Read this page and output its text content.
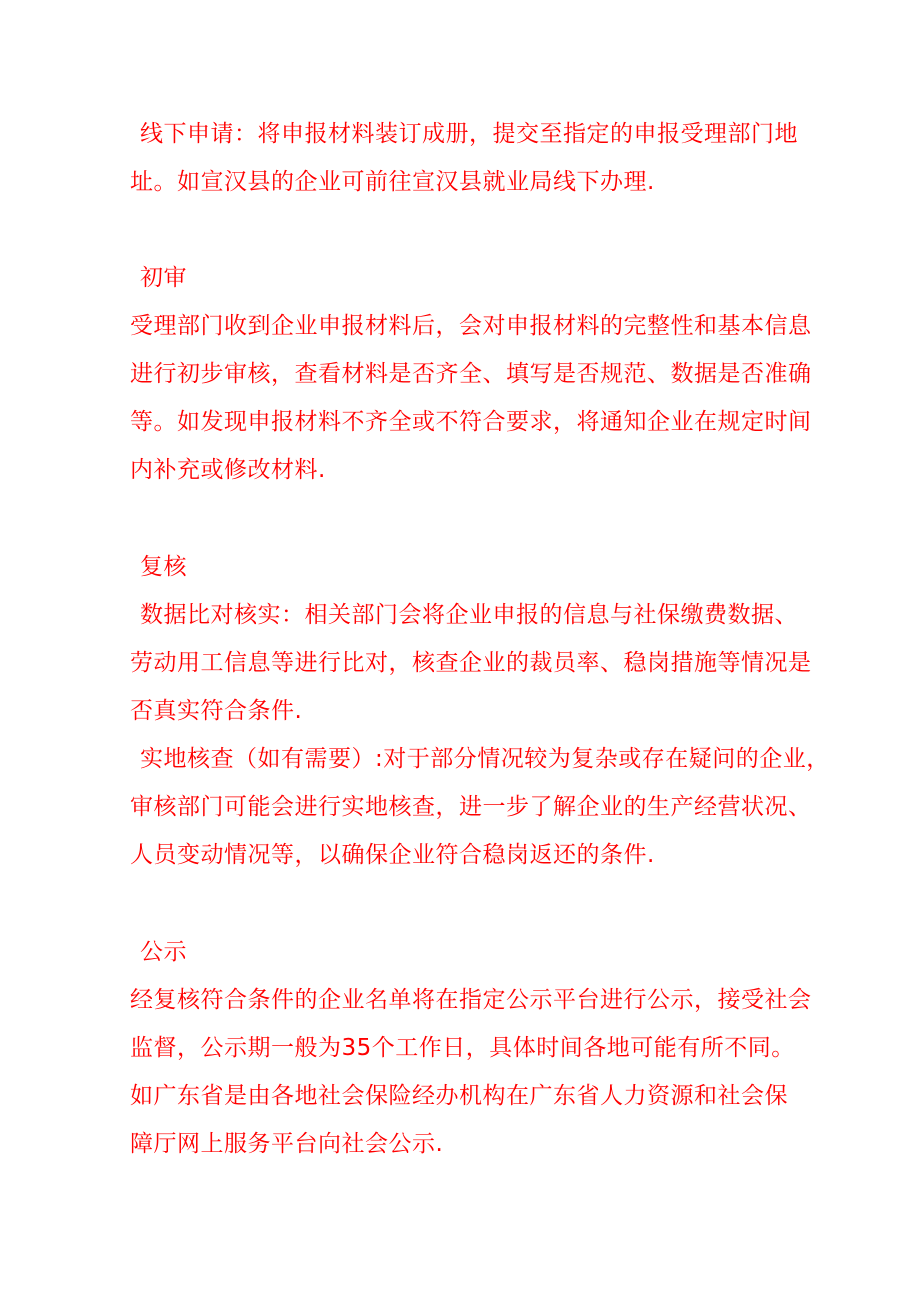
线下申请：将申报材料装订成册，提交至指定的申报受理部门地
址。如宣汉县的企业可前往宣汉县就业局线下办理.
初审
受理部门收到企业申报材料后，会对申报材料的完整性和基本信息
进行初步审核，查看材料是否齐全、填写是否规范、数据是否准确
等。如发现申报材料不齐全或不符合要求，将通知企业在规定时间
内补充或修改材料.
复核
数据比对核实：相关部门会将企业申报的信息与社保缴费数据、
劳动用工信息等进行比对，核查企业的裁员率、稳岗措施等情况是
否真实符合条件.
实地核查（如有需要）:对于部分情况较为复杂或存在疑问的企业，
审核部门可能会进行实地核查，进一步了解企业的生产经营状况、
人员变动情况等，以确保企业符合稳岗返还的条件.
公示
经复核符合条件的企业名单将在指定公示平台进行公示，接受社会
监督，公示期一般为35个工作日，具体时间各地可能有所不同。
如广东省是由各地社会保险经办机构在广东省人力资源和社会保
障厅网上服务平台向社会公示.
